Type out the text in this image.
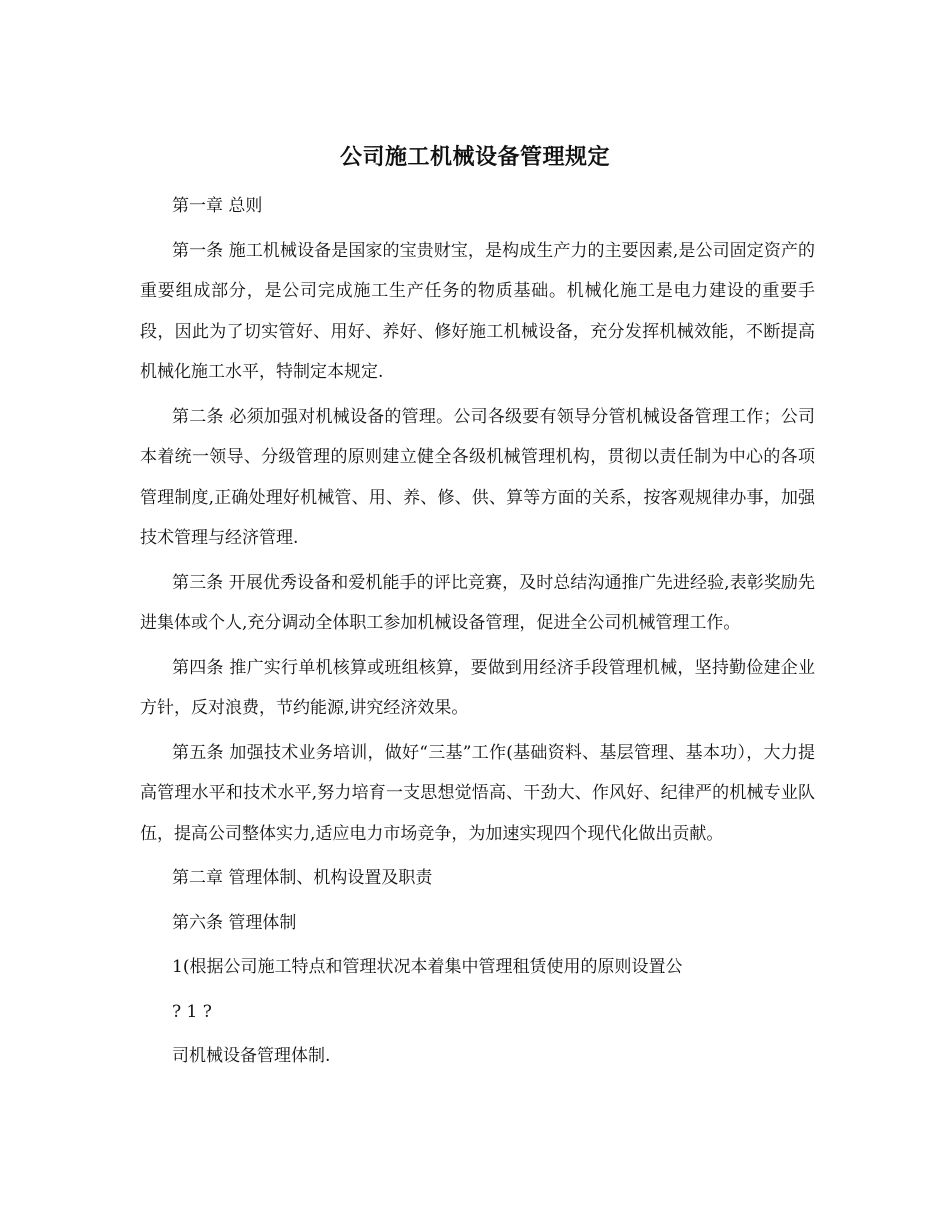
公司施工机械设备管理规定

第一章 总则

第一条 施工机械设备是国家的宝贵财宝，是构成生产力的主要因素,是公司固定资产的重要组成部分，是公司完成施工生产任务的物质基础。机械化施工是电力建设的重要手段，因此为了切实管好、用好、养好、修好施工机械设备，充分发挥机械效能，不断提高机械化施工水平，特制定本规定.

第二条 必须加强对机械设备的管理。公司各级要有领导分管机械设备管理工作；公司本着统一领导、分级管理的原则建立健全各级机械管理机构，贯彻以责任制为中心的各项管理制度,正确处理好机械管、用、养、修、供、算等方面的关系，按客观规律办事，加强技术管理与经济管理.

第三条 开展优秀设备和爱机能手的评比竞赛，及时总结沟通推广先进经验,表彰奖励先进集体或个人,充分调动全体职工参加机械设备管理，促进全公司机械管理工作。

第四条 推广实行单机核算或班组核算，要做到用经济手段管理机械，坚持勤俭建企业方针，反对浪费，节约能源,讲究经济效果。

第五条 加强技术业务培训，做好“三基”工作(基础资料、基层管理、基本功），大力提高管理水平和技术水平,努力培育一支思想觉悟高、干劲大、作风好、纪律严的机械专业队伍，提高公司整体实力,适应电力市场竞争，为加速实现四个现代化做出贡献。

第二章 管理体制、机构设置及职责

第六条 管理体制

1(根据公司施工特点和管理状况本着集中管理租赁使用的原则设置公

? 1 ?

司机械设备管理体制.
